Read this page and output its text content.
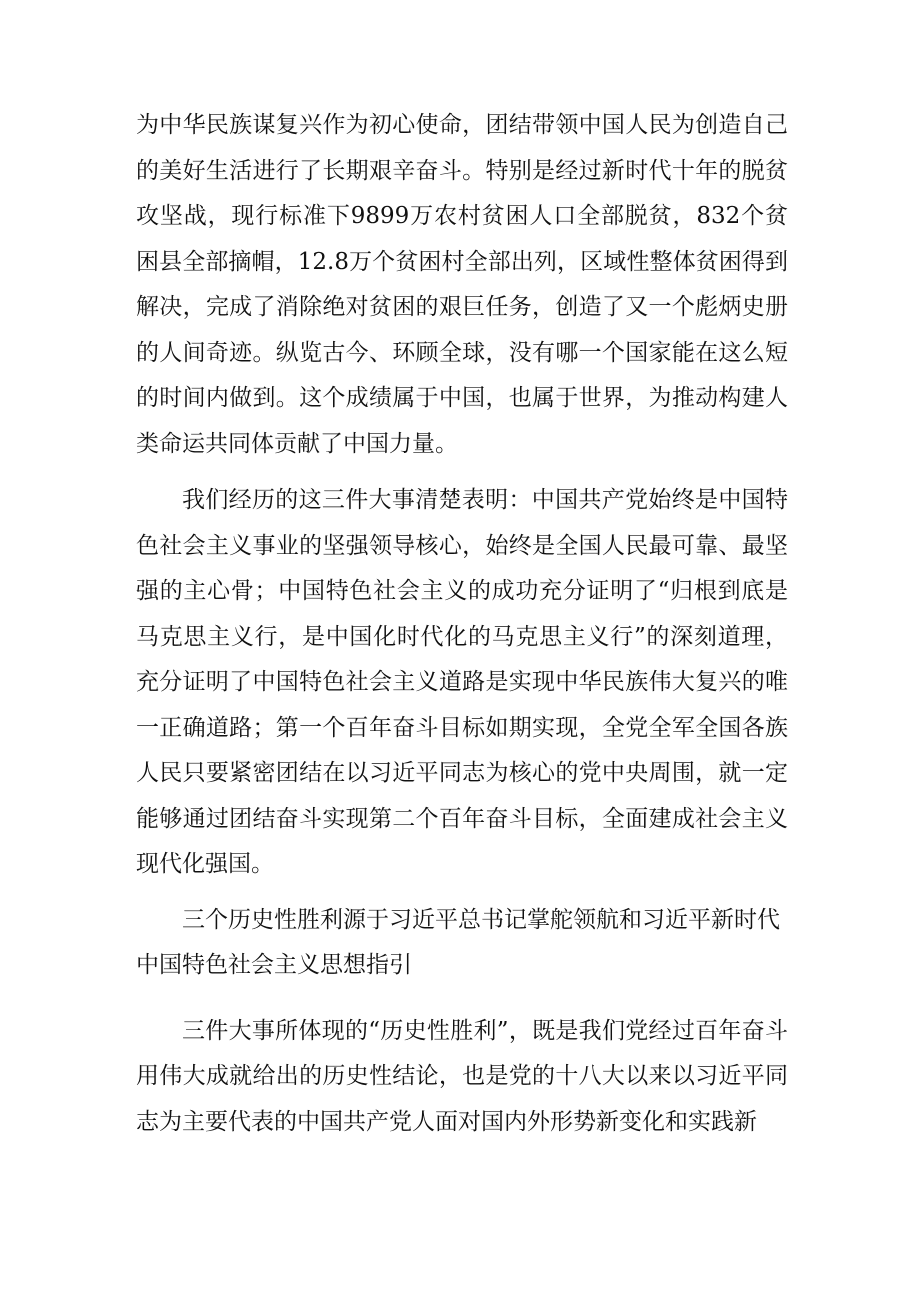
为中华民族谋复兴作为初心使命，团结带领中国人民为创造自己的美好生活进行了长期艰辛奋斗。特别是经过新时代十年的脱贫攻坚战，现行标准下9899万农村贫困人口全部脱贫，832个贫困县全部摘帽，12.8万个贫困村全部出列，区域性整体贫困得到解决，完成了消除绝对贫困的艰巨任务，创造了又一个彪炳史册的人间奇迹。纵览古今、环顾全球，没有哪一个国家能在这么短的时间内做到。这个成绩属于中国，也属于世界，为推动构建人类命运共同体贡献了中国力量。

我们经历的这三件大事清楚表明：中国共产党始终是中国特色社会主义事业的坚强领导核心，始终是全国人民最可靠、最坚强的主心骨；中国特色社会主义的成功充分证明了“归根到底是马克思主义行，是中国化时代化的马克思主义行”的深刻道理，充分证明了中国特色社会主义道路是实现中华民族伟大复兴的唯一正确道路；第一个百年奋斗目标如期实现，全党全军全国各族人民只要紧密团结在以习近平同志为核心的党中央周围，就一定能够通过团结奋斗实现第二个百年奋斗目标，全面建成社会主义现代化强国。

三个历史性胜利源于习近平总书记掌舵领航和习近平新时代中国特色社会主义思想指引

三件大事所体现的“历史性胜利”，既是我们党经过百年奋斗用伟大成就给出的历史性结论，也是党的十八大以来以习近平同志为主要代表的中国共产党人面对国内外形势新变化和实践新
